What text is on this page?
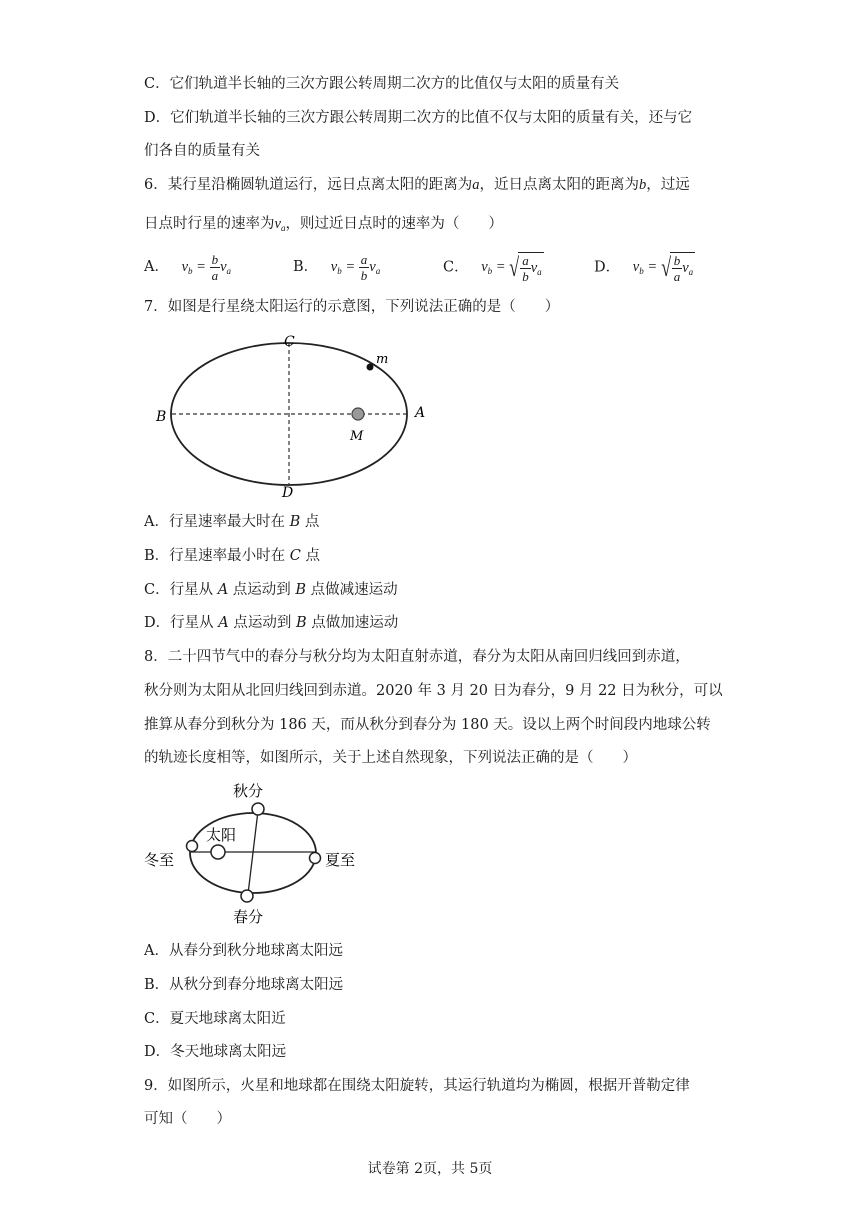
C．它们轨道半长轴的三次方跟公转周期二次方的比值仅与太阳的质量有关
D．它们轨道半长轴的三次方跟公转周期二次方的比值不仅与太阳的质量有关，还与它
们各自的质量有关
6．某行星沿椭圆轨道运行，远日点离太阳的距离为a，近日点离太阳的距离为b，过远
日点时行星的速率为$v_a$，则过近日点时的速率为（　　）
A． $v_b = \frac{b}{a} v_a$	B． $v_b = \frac{a}{b} v_a$	C． $v_b$ = √ $\frac{a}{b} v_a$	D． $v_b$ = √ $\frac{b}{a} v_a$
7．如图是行星绕太阳运行的示意图，下列说法正确的是（　　）
C
D
A
B
M
m
A．行星速率最大时在 B 点
B．行星速率最小时在 C 点
C．行星从 A 点运动到 B 点做减速运动
D．行星从 A 点运动到 B 点做加速运动
8．二十四节气中的春分与秋分均为太阳直射赤道，春分为太阳从南回归线回到赤道，
秋分则为太阳从北回归线回到赤道。2020 年 3 月 20 日为春分，9 月 22 日为秋分，可以
推算从春分到秋分为 186 天，而从秋分到春分为 180 天。设以上两个时间段内地球公转
的轨迹长度相等，如图所示，关于上述自然现象，下列说法正确的是（　　）
秋分
太阳
冬至	夏至
春分
A．从春分到秋分地球离太阳远
B．从秋分到春分地球离太阳远
C．夏天地球离太阳近
D．冬天地球离太阳远
9．如图所示，火星和地球都在围绕太阳旋转，其运行轨道均为椭圆，根据开普勒定律
可知（　　）
试卷第 2页，共 5页
